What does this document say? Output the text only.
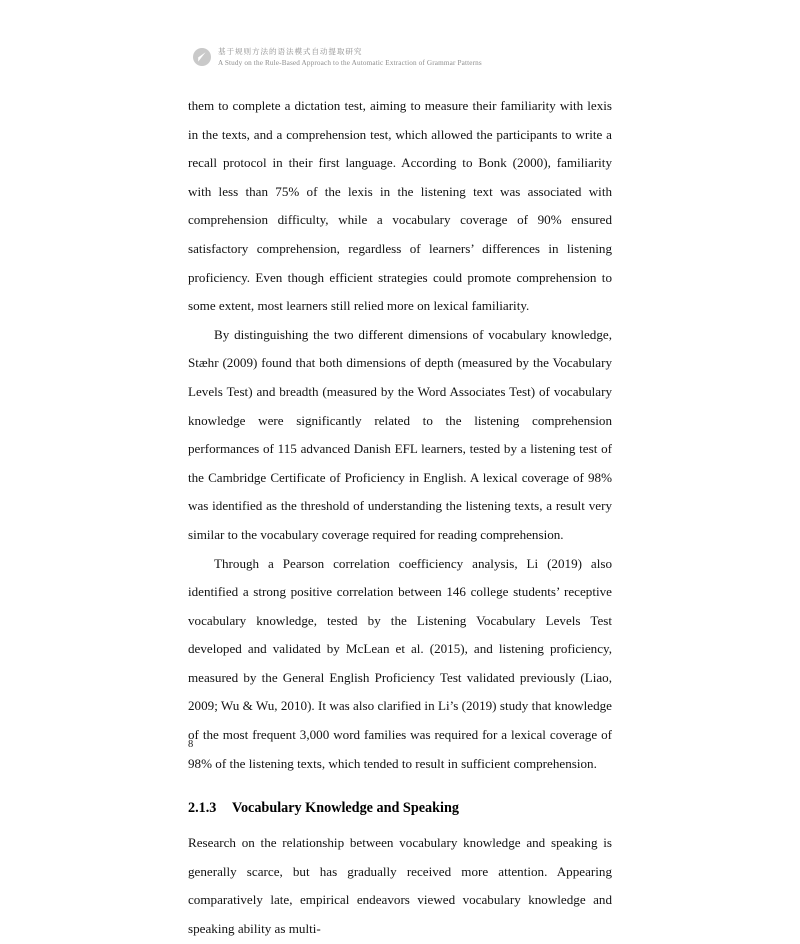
基于规则方法的语法模式自动提取研究
A Study on the Rule-Based Approach to the Automatic Extraction of Grammar Patterns

them to complete a dictation test, aiming to measure their familiarity with lexis in the texts, and a comprehension test, which allowed the participants to write a recall protocol in their first language. According to Bonk (2000), familiarity with less than 75% of the lexis in the listening text was associated with comprehension difficulty, while a vocabulary coverage of 90% ensured satisfactory comprehension, regardless of learners’ differences in listening proficiency. Even though efficient strategies could promote comprehension to some extent, most learners still relied more on lexical familiarity.

By distinguishing the two different dimensions of vocabulary knowledge, Stæhr (2009) found that both dimensions of depth (measured by the Vocabulary Levels Test) and breadth (measured by the Word Associates Test) of vocabulary knowledge were significantly related to the listening comprehension performances of 115 advanced Danish EFL learners, tested by a listening test of the Cambridge Certificate of Proficiency in English. A lexical coverage of 98% was identified as the threshold of understanding the listening texts, a result very similar to the vocabulary coverage required for reading comprehension.

Through a Pearson correlation coefficiency analysis, Li (2019) also identified a strong positive correlation between 146 college students’ receptive vocabulary knowledge, tested by the Listening Vocabulary Levels Test developed and validated by McLean et al. (2015), and listening proficiency, measured by the General English Proficiency Test validated previously (Liao, 2009; Wu & Wu, 2010). It was also clarified in Li’s (2019) study that knowledge of the most frequent 3,000 word families was required for a lexical coverage of 98% of the listening texts, which tended to result in sufficient comprehension.

2.1.3 Vocabulary Knowledge and Speaking

Research on the relationship between vocabulary knowledge and speaking is generally scarce, but has gradually received more attention. Appearing comparatively late, empirical endeavors viewed vocabulary knowledge and speaking ability as multi-

8
